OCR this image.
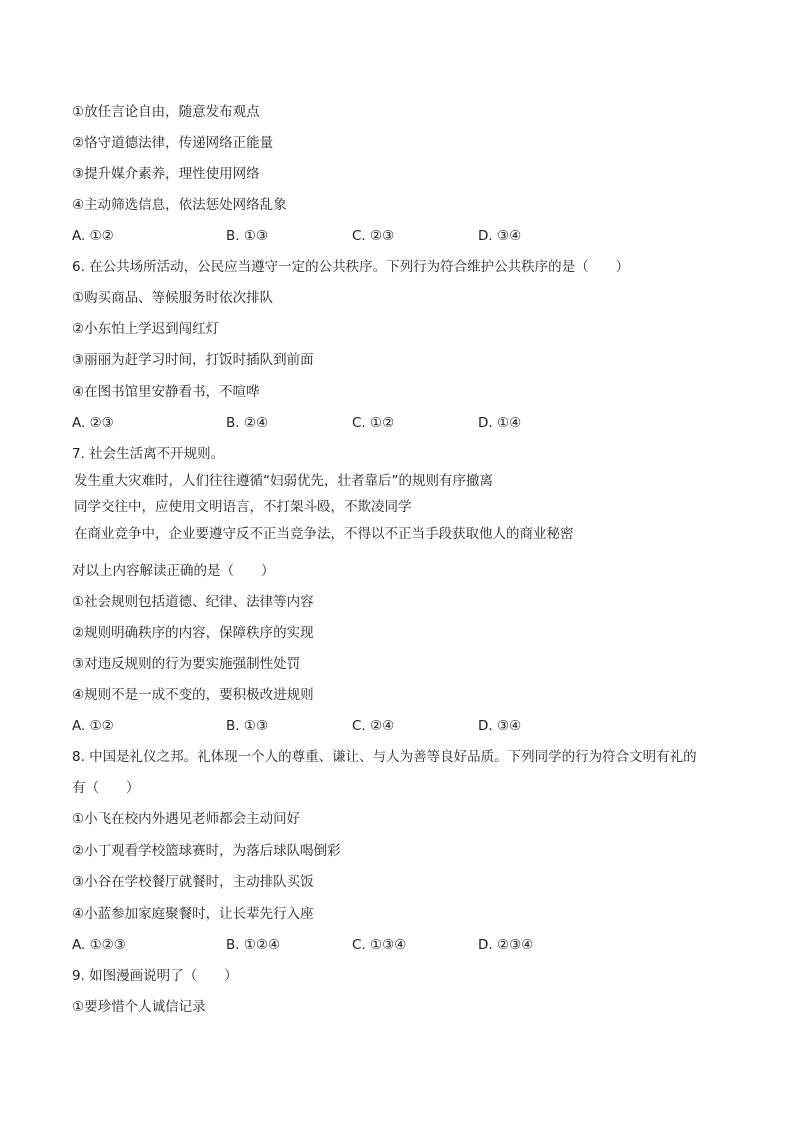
①放任言论自由，随意发布观点
②恪守道德法律，传递网络正能量
③提升媒介素养，理性使用网络
④主动筛选信息，依法惩处网络乱象
A. ①②	B. ①③	C. ②③	D. ③④
6. 在公共场所活动，公民应当遵守一定的公共秩序。下列行为符合维护公共秩序的是（　　）
①购买商品、等候服务时依次排队
②小东怕上学迟到闯红灯
③丽丽为赶学习时间，打饭时插队到前面
④在图书馆里安静看书，不喧哗
A. ②③	B. ②④	C. ①②	D. ①④
7. 社会生活离不开规则。
发生重大灾难时，人们往往遵循“妇弱优先，壮者靠后”的规则有序撤离
同学交往中，应使用文明语言，不打架斗殴，不欺凌同学
在商业竞争中，企业要遵守反不正当竞争法，不得以不正当手段获取他人的商业秘密
对以上内容解读正确的是（　　）
①社会规则包括道德、纪律、法律等内容
②规则明确秩序的内容，保障秩序的实现
③对违反规则的行为要实施强制性处罚
④规则不是一成不变的，要积极改进规则
A. ①②	B. ①③	C. ②④	D. ③④
8. 中国是礼仪之邦。礼体现一个人的尊重、谦让、与人为善等良好品质。下列同学的行为符合文明有礼的
有（　　）
①小飞在校内外遇见老师都会主动问好
②小丁观看学校篮球赛时，为落后球队喝倒彩
③小谷在学校餐厅就餐时，主动排队买饭
④小蓝参加家庭聚餐时，让长辈先行入座
A. ①②③	B. ①②④	C. ①③④	D. ②③④
9. 如图漫画说明了（　　）
①要珍惜个人诚信记录
